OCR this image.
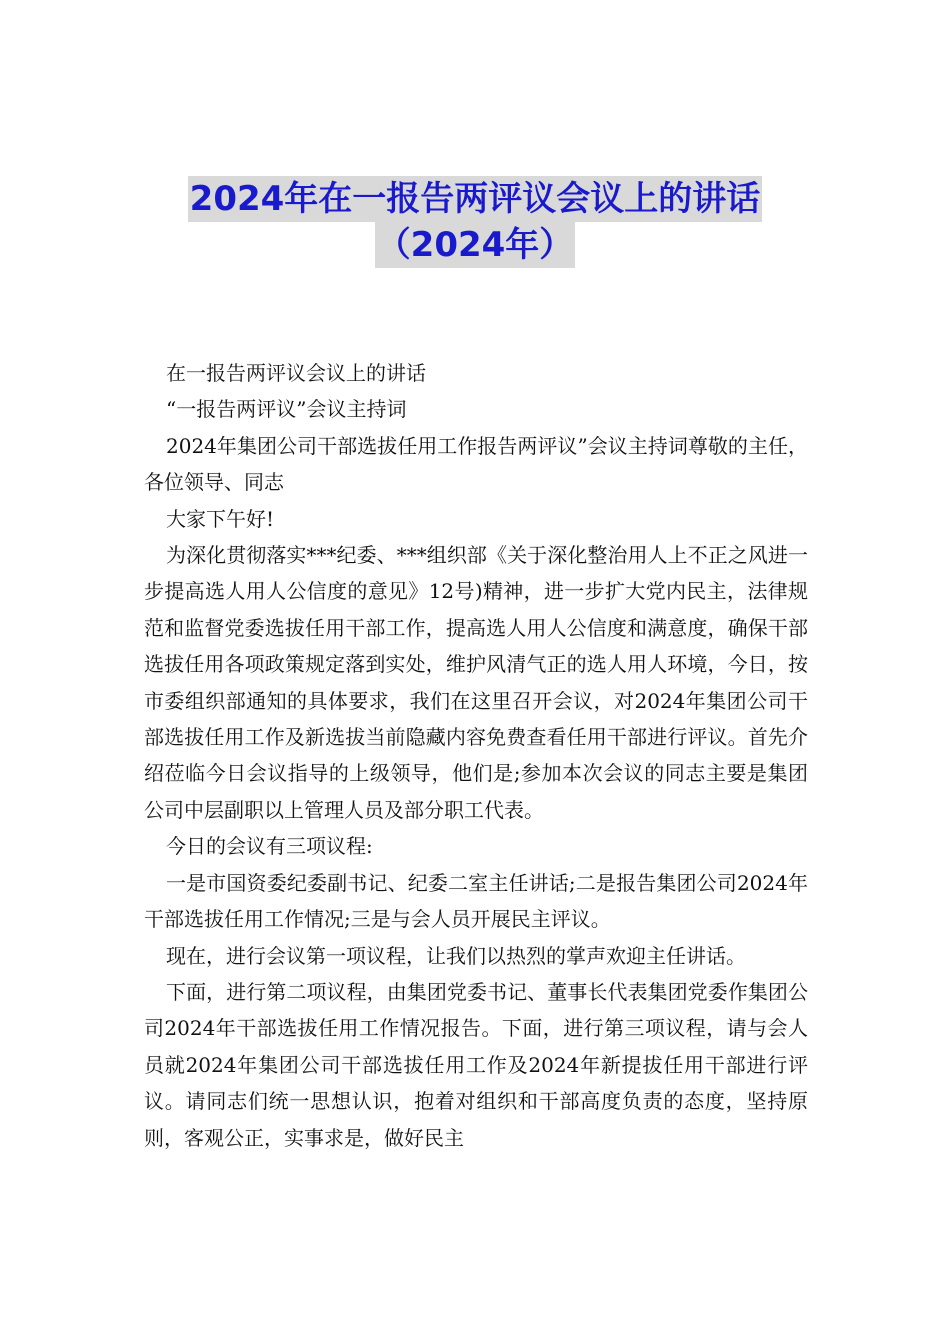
2024年在一报告两评议会议上的讲话
（2024年）

在一报告两评议会议上的讲话

“一报告两评议”会议主持词

2024年集团公司干部选拔任用工作报告两评议”会议主持词尊敬的主任，各位领导、同志

大家下午好!

为深化贯彻落实***纪委、***组织部《关于深化整治用人上不正之风进一步提高选人用人公信度的意见》12号)精神，进一步扩大党内民主，法律规范和监督党委选拔任用干部工作，提高选人用人公信度和满意度，确保干部选拔任用各项政策规定落到实处，维护风清气正的选人用人环境，今日，按市委组织部通知的具体要求，我们在这里召开会议，对2024年集团公司干部选拔任用工作及新选拔当前隐藏内容免费查看任用干部进行评议。首先介绍莅临今日会议指导的上级领导，他们是;参加本次会议的同志主要是集团公司中层副职以上管理人员及部分职工代表。

今日的会议有三项议程:

一是市国资委纪委副书记、纪委二室主任讲话;二是报告集团公司2024年干部选拔任用工作情况;三是与会人员开展民主评议。

现在，进行会议第一项议程，让我们以热烈的掌声欢迎主任讲话。

下面，进行第二项议程，由集团党委书记、董事长代表集团党委作集团公司2024年干部选拔任用工作情况报告。下面，进行第三项议程，请与会人员就2024年集团公司干部选拔任用工作及2024年新提拔任用干部进行评议。请同志们统一思想认识，抱着对组织和干部高度负责的态度，坚持原则，客观公正，实事求是，做好民主
